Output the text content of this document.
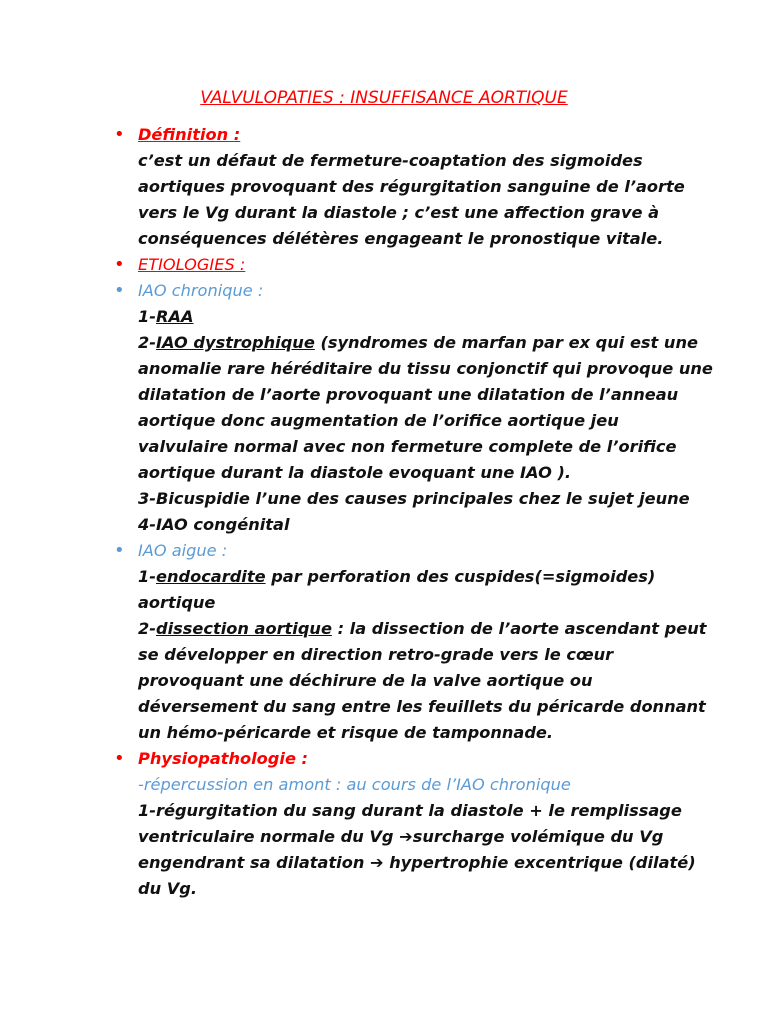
VALVULOPATIES : INSUFFISANCE AORTIQUE
• Définition :
c’est un défaut de fermeture-coaptation des sigmoides
aortiques provoquant des régurgitation sanguine de l’aorte
vers le Vg durant la diastole ; c’est une affection grave à
conséquences délétères engageant le pronostique vitale.
• ETIOLOGIES :
• IAO chronique :
1-RAA
2-IAO dystrophique (syndromes de marfan par ex qui est une
anomalie rare héréditaire du tissu conjonctif qui provoque une
dilatation de l’aorte provoquant une dilatation de l’anneau
aortique donc augmentation de l’orifice aortique jeu
valvulaire normal avec non fermeture complete de l’orifice
aortique durant la diastole evoquant une IAO ).
3-Bicuspidie l’une des causes principales chez le sujet jeune
4-IAO congénital
• IAO aigue :
1-endocardite par perforation des cuspides(=sigmoides)
aortique
2-dissection aortique : la dissection de l’aorte ascendant peut
se développer en direction retro-grade vers le cœur
provoquant une déchirure de la valve aortique ou
déversement du sang entre les feuillets du péricarde donnant
un hémo-péricarde et risque de tamponnade.
• Physiopathologie :
-répercussion en amont : au cours de l’IAO chronique
1-régurgitation du sang durant la diastole + le remplissage
ventriculaire normale du Vg ➔surcharge volémique du Vg
engendrant sa dilatation ➔ hypertrophie excentrique (dilaté)
du Vg.
